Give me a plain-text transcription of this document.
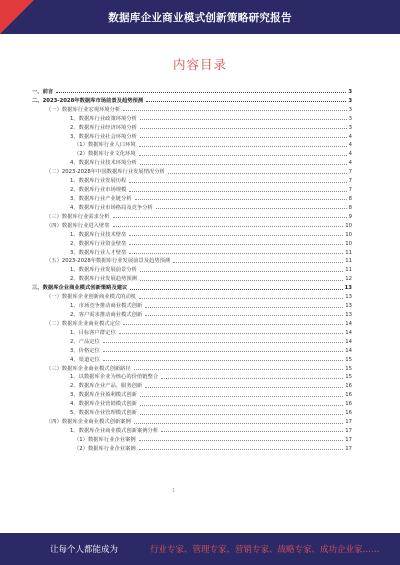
数据库企业商业模式创新策略研究报告
内容目录
一、前言	3
二、2023-2028年数据库市场前景及趋势预测	3
（一）数据库行业宏观环境分析	3
1、数据库行业政策环境分析	3
2、数据库行业经济环境分析	3
3、数据库行业社会环境分析	4
（1）数据库行业人口环境	4
（2）数据库行业文化环境	4
4、数据库行业技术环境分析	4
（二）2023-2028年中国数据库行业发展情况分析	7
1、数据库行业发展历程	7
2、数据库行业市场规模	7
3、数据库行业产业链分析	8
4、数据库行业市场格局及竞争分析	8
（三）数据库行业需求分析	9
（四）数据库行业进入壁垒	10
1、数据库行业技术壁垒	10
2、数据库行业资金壁垒	10
3、数据库行业人才壁垒	11
（五）2023-2028年数据库行业发展前景及趋势预测	11
1、数据库行业发展前景分析	11
2、数据库行业发展趋势预测	12
三、数据库企业商业模式创新策略及建议	13
（一）数据库企业创新商业模式的动机	13
1、市场竞争推动商业模式创新	13
2、客户需求推动商业模式创新	13
（二）数据库企业商业模式定位	14
1、目标客户群定位	14
2、产品定位	14
3、价格定位	14
4、渠道定位	15
（三）数据库企业商业模式创新路径	15
1、以数据库企业为核心的价值链整合	15
2、数据库企业产品、服务创新	16
3、数据库企业盈利模式创新	16
4、数据库企业营销模式创新	16
5、数据库企业管理模式创新	16
（四）数据库企业商业模式创新案例	17
1、数据库企业商业模式创新案例分析	17
（1）数据库行业企业案例	17
（2）数据库行业企业案例	17
1
让每个人都能成为	行业专家、管理专家、营销专家、战略专家、成功企业家……
